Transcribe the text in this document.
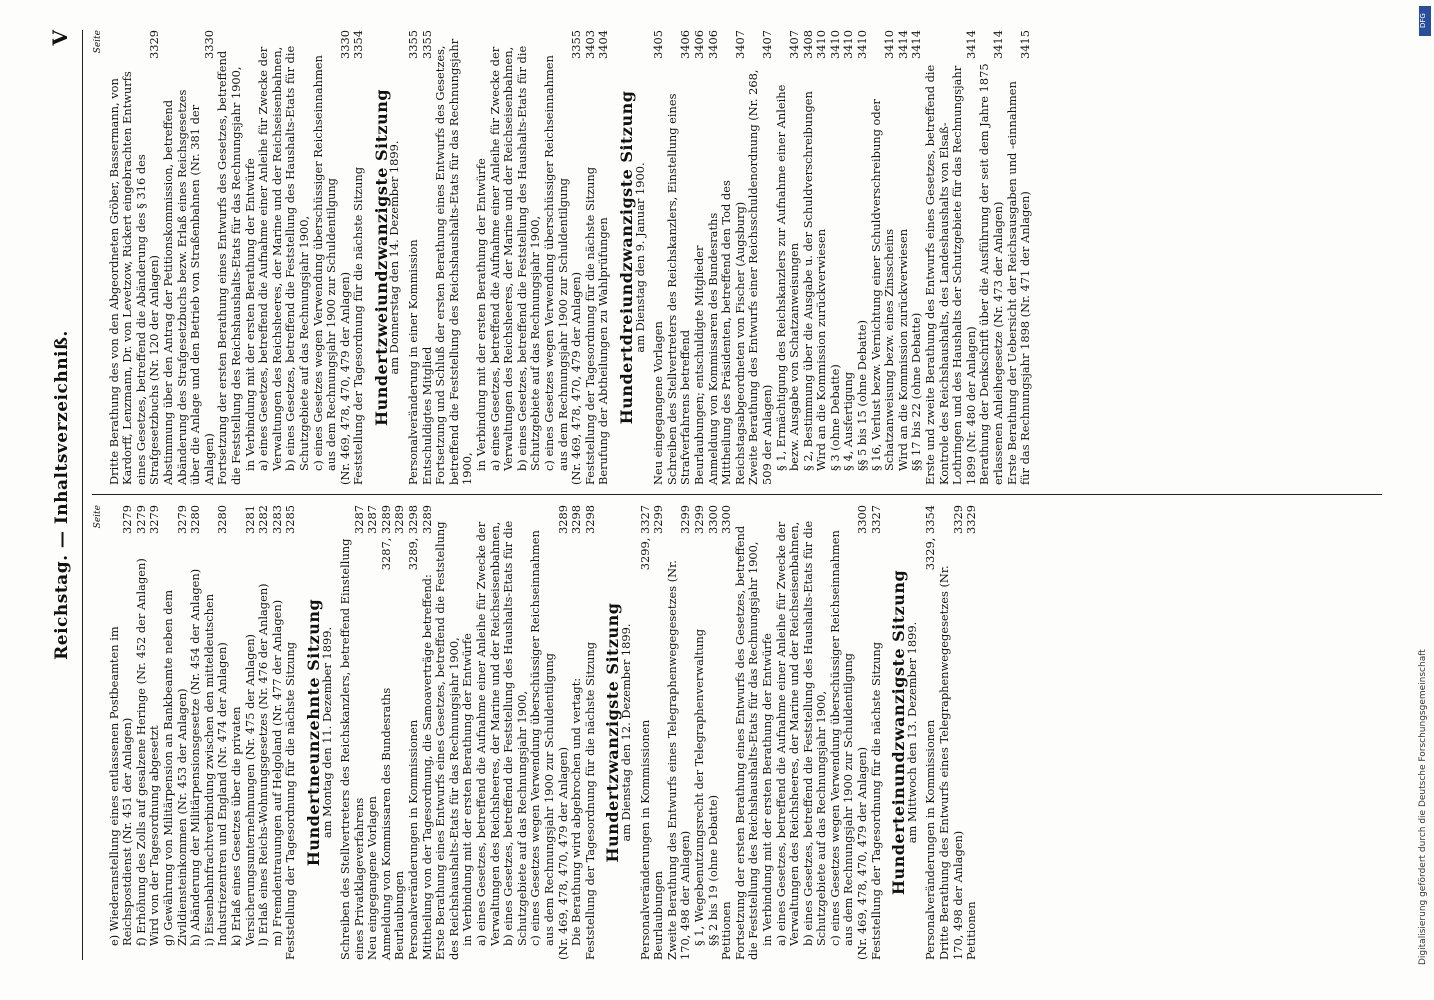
Reichstag. — Inhaltsverzeichniß.
V
Seite
e) Wiederanstellung eines entlassenen Postbeamten im Reichspostdienst (Nr. 451 der Anlagen)
3279
f) Erhöhung des Zolls auf gesalzene Heringe (Nr. 452 der Anlagen)
3279
Wird von der Tagesordnung abgesetzt
3279
g) Gewährung von Militärpension an Bankbeamte neben dem Zivildiensteinkommen (Nr. 453 der Anlagen)
3279
h) Abänderung der Militärpensionsgesetze (Nr. 454 der Anlagen)
3280
i) Eisenbahnfrachtverbindung zwischen den mitteldeutschen Industriezentren und England (Nr. 474 der Anlagen)
3280
k) Erlaß eines Gesetzes über die privaten Versicherungsunternehmungen (Nr. 475 der Anlagen)
3281
l) Erlaß eines Reichs-Wohnungsgesetzes (Nr. 476 der Anlagen)
3282
m) Fremdentrauungen auf Helgoland (Nr. 477 der Anlagen)
3283
Feststellung der Tagesordnung für die nächste Sitzung
3285
Hundertneunzehnte Sitzung
am Montag den 11. Dezember 1899. Schreiben des Stellvertreters des Reichskanzlers, betreffend Einstellung eines Privatklageverfahrens
3287
Neu eingegangene Vorlagen
3287
Anmeldung von Kommissaren des Bundesraths
3287, 3289
Beurlaubungen
3289
Personalveränderungen in Kommissionen
3289, 3298
Mittheilung von der Tagesordnung, die Samoaverträge betreffend:
3289
Erste Berathung eines Entwurfs eines Gesetzes, betreffend die Feststellung des Reichshaushalts-Etats für das Rechnungsjahr 1900, in Verbindung mit der ersten Berathung der Entwürfe a) eines Gesetzes, betreffend die Aufnahme einer Anleihe für Zwecke der Verwaltungen des Reichsheeres, der Marine und der Reichseisenbahnen, b) eines Gesetzes, betreffend die Feststellung des Haushalts-Etats für die Schutzgebiete auf das Rechnungsjahr 1900, c) eines Gesetzes wegen Verwendung überschüssiger Reichseinnahmen aus dem Rechnungsjahr 1900 zur Schuldentilgung (Nr. 469, 478, 470, 479 der Anlagen)
3289
Die Berathung wird abgebrochen und vertagt:
3298
Feststellung der Tagesordnung für die nächste Sitzung
3298
Hundertzwanzigste Sitzung
am Dienstag den 12. Dezember 1899. Personalveränderungen in Kommissionen
3299, 3327
Beurlaubungen
3299
Zweite Berathung des Entwurfs eines Telegraphenwegegesetzes (Nr. 170, 498 der Anlagen)
3299
§ 1, Wegebenutzungsrecht der Telegraphenverwaltung
3299
§§ 2 bis 19 (ohne Debatte)
3300
Petitionen
3300
Fortsetzung der ersten Berathung eines Entwurfs des Gesetzes, betreffend die Feststellung des Reichshaushalts-Etats für das Rechnungsjahr 1900, in Verbindung mit der ersten Berathung der Entwürfe a) eines Gesetzes, betreffend die Aufnahme einer Anleihe für Zwecke der Verwaltungen des Reichsheeres, der Marine und der Reichseisenbahnen, b) eines Gesetzes, betreffend die Feststellung des Haushalts-Etats für die Schutzgebiete auf das Rechnungsjahr 1900, c) eines Gesetzes wegen Verwendung überschüssiger Reichseinnahmen aus dem Rechnungsjahr 1900 zur Schuldentilgung (Nr. 469, 478, 470, 479 der Anlagen)
3300
Feststellung der Tagesordnung für die nächste Sitzung
3327
Hunderteinundzwanzigste Sitzung
am Mittwoch den 13. Dezember 1899. Personalveränderungen in Kommissionen
3329, 3354
Dritte Berathung des Entwurfs eines Telegraphenwegegesetzes (Nr. 170, 498 der Anlagen)
3329
Petitionen
3329
Seite
Dritte Berathung des von den Abgeordneten Gröber, Bassermann, von Kardorff, Lenzmann, Dr. von Levetzow, Rickert eingebrachten Entwurfs eines Gesetzes, betreffend die Abänderung des § 316 des Strafgesetzbuchs (Nr. 120 der Anlagen)
3329
Abstimmung über den Antrag der Petitionskommission, betreffend Abänderung des Strafgesetzbuchs bezw. Erlaß eines Reichsgesetzes über die Anlage und den Betrieb von Straßenbahnen (Nr. 381 der Anlagen)
3330
Fortsetzung der ersten Berathung eines Entwurfs des Gesetzes, betreffend die Feststellung des Reichshaushalts-Etats für das Rechnungsjahr 1900, in Verbindung mit der ersten Berathung der Entwürfe a) eines Gesetzes, betreffend die Aufnahme einer Anleihe für Zwecke der Verwaltungen des Reichsheeres, der Marine und der Reichseisenbahnen, b) eines Gesetzes, betreffend die Feststellung des Haushalts-Etats für die Schutzgebiete auf das Rechnungsjahr 1900, c) eines Gesetzes wegen Verwendung überschüssiger Reichseinnahmen aus dem Rechnungsjahr 1900 zur Schuldentilgung (Nr. 469, 478, 470, 479 der Anlagen)
3330
Feststellung der Tagesordnung für die nächste Sitzung
3354
Hundertzweiundzwanzigste Sitzung
am Donnerstag den 14. Dezember 1899. Personalveränderung in einer Kommission
3355
Entschuldigtes Mitglied
3355
Fortsetzung und Schluß der ersten Berathung eines Entwurfs des Gesetzes, betreffend die Feststellung des Reichshaushalts-Etats für das Rechnungsjahr 1900, in Verbindung mit der ersten Berathung der Entwürfe a) eines Gesetzes, betreffend die Aufnahme einer Anleihe für Zwecke der Verwaltungen des Reichsheeres, der Marine und der Reichseisenbahnen, b) eines Gesetzes, betreffend die Feststellung des Haushalts-Etats für die Schutzgebiete auf das Rechnungsjahr 1900, c) eines Gesetzes wegen Verwendung überschüssiger Reichseinnahmen aus dem Rechnungsjahr 1900 zur Schuldentilgung (Nr. 469, 478, 470, 479 der Anlagen)
3355
Feststellung der Tagesordnung für die nächste Sitzung
3403
Berufung der Abtheilungen zu Wahlprüfungen
3404
Hundertdreiundzwanzigste Sitzung
am Dienstag den 9. Januar 1900.
Neu eingegangene Vorlagen
3405
Schreiben des Stellvertreters des Reichskanzlers, Einstellung eines Strafverfahrens betreffend
3406
Beurlaubungen; entschuldigte Mitglieder
3406
Anmeldung von Kommissaren des Bundesraths
3406
Mittheilung des Präsidenten, betreffend den Tod des Reichstagsabgeordneten von Fischer (Augsburg)
3407
Zweite Berathung des Entwurfs einer Reichsschuldenordnung (Nr. 268, 509 der Anlagen)
3407
§ 1, Ermächtigung des Reichskanzlers zur Aufnahme einer Anleihe bezw. Ausgabe von Schatzanweisungen
3407
§ 2, Bestimmung über die Ausgabe u. der Schuldverschreibungen
3408
Wird an die Kommission zurückverwiesen
3410
§ 3 (ohne Debatte)
3410
§ 4, Ausfertigung
3410
§§ 5 bis 15 (ohne Debatte)
3410
§ 16, Verlust bezw. Vernichtung einer Schuldverschreibung oder Schatzanweisung bezw. eines Zinsscheins
3410
Wird an die Kommission zurückverwiesen
3414
§§ 17 bis 22 (ohne Debatte)
3414
Erste und zweite Berathung des Entwurfs eines Gesetzes, betreffend die Kontrole des Reichshaushalts, des Landeshaushalts von Elsaß-Lothringen und des Haushalts der Schutzgebiete für das Rechnungsjahr 1899 (Nr. 480 der Anlagen)
3414
Berathung der Denkschrift über die Ausführung der seit dem Jahre 1875 erlassenen Anleihegesetze (Nr. 473 der Anlagen)
3414
Erste Berathung der Uebersicht der Reichsausgaben und -einnahmen für das Rechnungsjahr 1898 (Nr. 471 der Anlagen)
3415
Digitalisierung gefördert durch die Deutsche Forschungsgemeinschaft
DFG
